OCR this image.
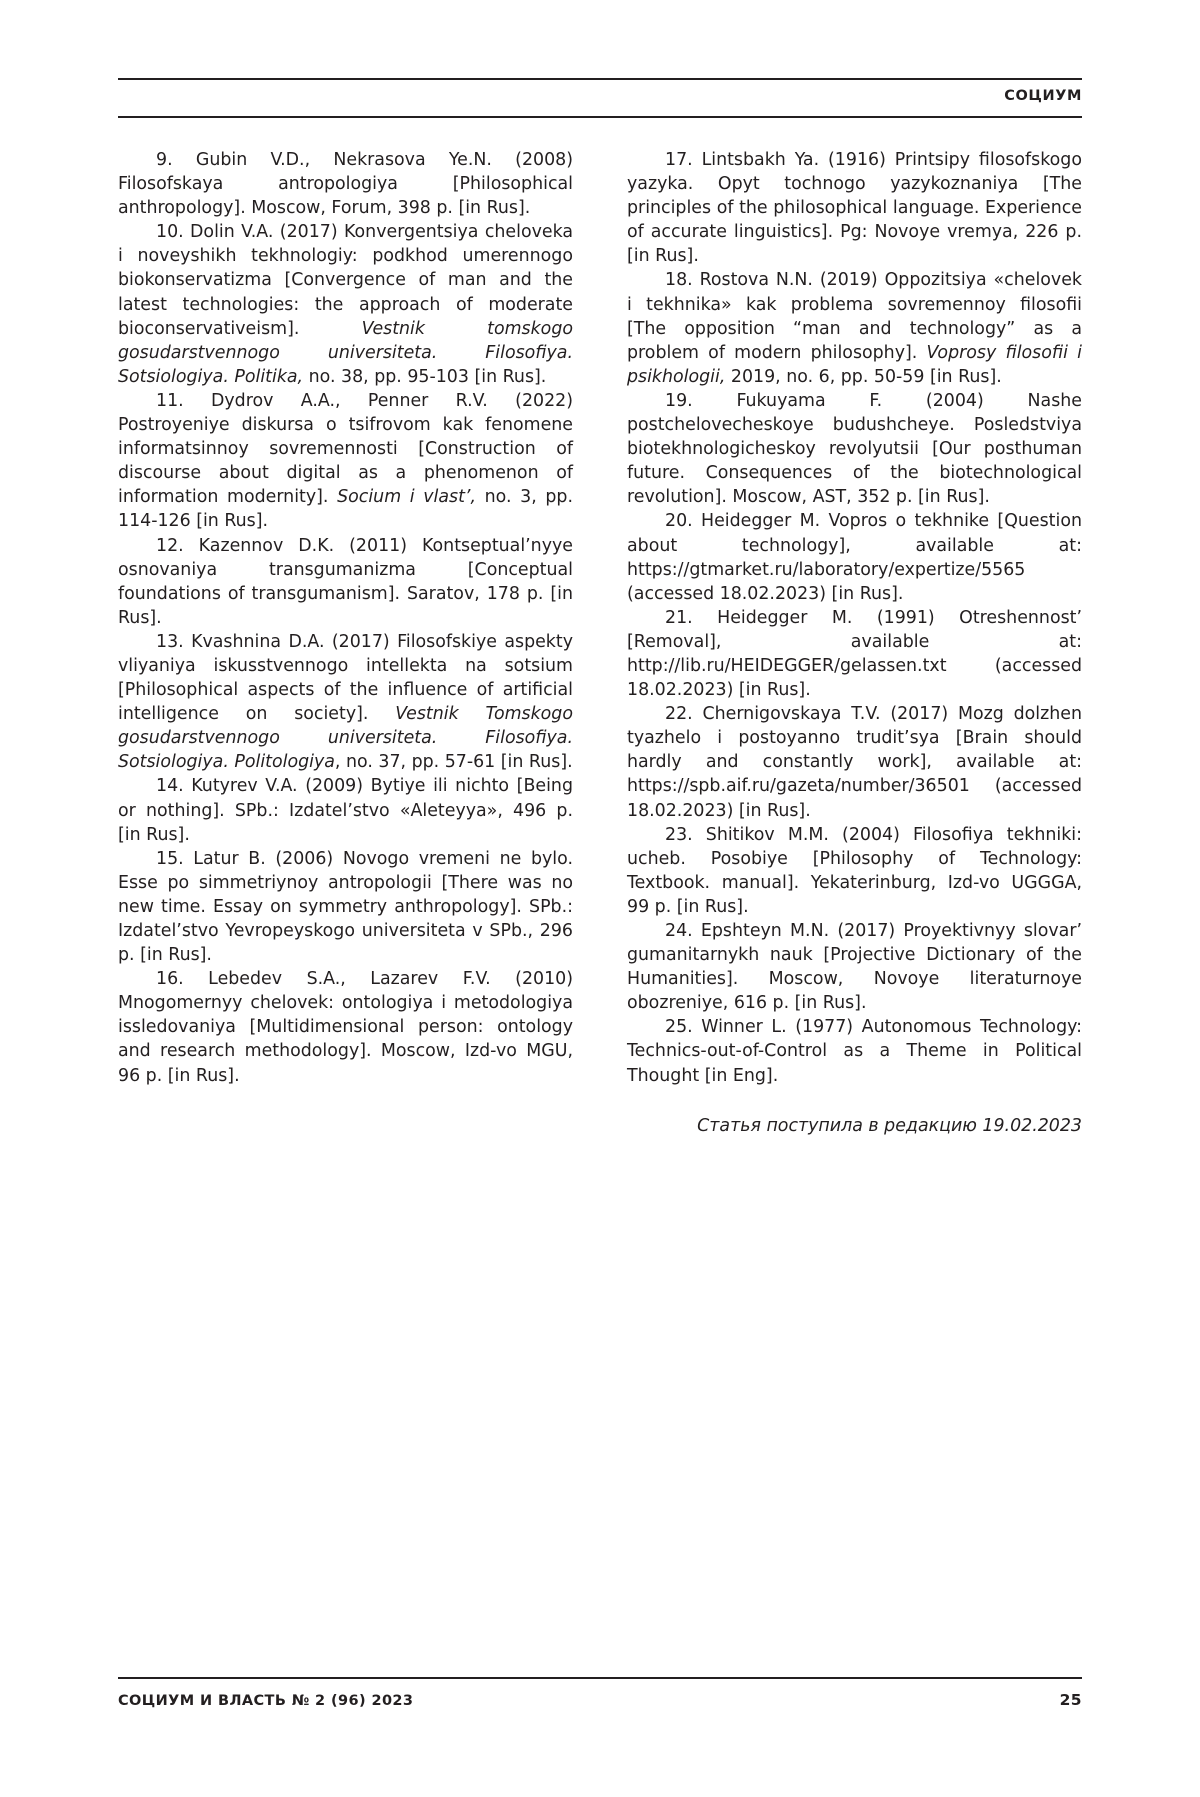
СОЦИУМ

9. Gubin V.D., Nekrasova Ye.N. (2008) Filosofskaya antropologiya [Philosophical anthropology]. Moscow, Forum, 398 p. [in Rus].

10. Dolin V.A. (2017) Konvergentsiya cheloveka i noveyshikh tekhnologiy: podkhod umerennogo biokonservatizma [Convergence of man and the latest technologies: the approach of moderate bioconservativeism]. Vestnik tomskogo gosudarstvennogo universiteta. Filosofiya. Sotsiologiya. Politika, no. 38, pp. 95-103 [in Rus].

11. Dydrov A.A., Penner R.V. (2022) Postroyeniye diskursa o tsifrovom kak fenomene informatsinnoy sovremennosti [Construction of discourse about digital as a phenomenon of information modernity]. Socium i vlast’, no. 3, pp. 114-126 [in Rus].

12. Kazennov D.K. (2011) Kontseptual’nyye osnovaniya transgumanizma [Conceptual foundations of transgumanism]. Saratov, 178 p. [in Rus].

13. Kvashnina D.A. (2017) Filosofskiye aspekty vliyaniya iskusstvennogo intellekta na sotsium [Philosophical aspects of the influence of artificial intelligence on society]. Vestnik Tomskogo gosudarstvennogo universiteta. Filosofiya. Sotsiologiya. Politologiya, no. 37, pp. 57-61 [in Rus].

14. Kutyrev V.A. (2009) Bytiye ili nichto [Being or nothing]. SPb.: Izdatel’stvo «Aleteyya», 496 p. [in Rus].

15. Latur B. (2006) Novogo vremeni ne bylo. Esse po simmetriynoy antropologii [There was no new time. Essay on symmetry anthropology]. SPb.: Izdatel’stvo Yevropeyskogo universiteta v SPb., 296 p. [in Rus].

16. Lebedev S.A., Lazarev F.V. (2010) Mnogomernyy chelovek: ontologiya i metodologiya issledovaniya [Multidimensional person: ontology and research methodology]. Moscow, Izd-vo MGU, 96 p. [in Rus].

17. Lintsbakh Ya. (1916) Printsipy filosofskogo yazyka. Opyt tochnogo yazykoznaniya [The principles of the philosophical language. Experience of accurate linguistics]. Pg: Novoye vremya, 226 p. [in Rus].

18. Rostova N.N. (2019) Oppozitsiya «chelovek i tekhnika» kak problema sovremennoy filosofii [The opposition “man and technology” as a problem of modern philosophy]. Voprosy filosofii i psikhologii, 2019, no. 6, pp. 50-59 [in Rus].

19. Fukuyama F. (2004) Nashe postchelovecheskoye budushcheye. Posledstviya biotekhnologicheskoy revolyutsii [Our posthuman future. Consequences of the biotechnological revolution]. Moscow, AST, 352 p. [in Rus].

20. Heidegger M. Vopros o tekhnike [Question about technology], available at: https://gtmarket.ru/laboratory/expertize/5565 (accessed 18.02.2023) [in Rus].

21. Heidegger M. (1991) Otreshennost’ [Removal], available at: http://lib.ru/HEIDEGGER/gelassen.txt (accessed 18.02.2023) [in Rus].

22. Chernigovskaya T.V. (2017) Mozg dolzhen tyazhelo i postoyanno trudit’sya [Brain should hardly and constantly work], available at: https://spb.aif.ru/gazeta/number/36501 (accessed 18.02.2023) [in Rus].

23. Shitikov M.M. (2004) Filosofiya tekhniki: ucheb. Posobiye [Philosophy of Technology: Textbook. manual]. Yekaterinburg, Izd-vo UGGGA, 99 p. [in Rus].

24. Epshteyn M.N. (2017) Proyektivnyy slovar’ gumanitarnykh nauk [Projective Dictionary of the Humanities]. Moscow, Novoye literaturnoye obozreniye, 616 p. [in Rus].

25. Winner L. (1977) Autonomous Technology: Technics-out-of-Control as a Theme in Political Thought [in Eng].

Статья поступила в редакцию 19.02.2023
СОЦИУМ И ВЛАСТЬ № 2 (96) 2023	25
